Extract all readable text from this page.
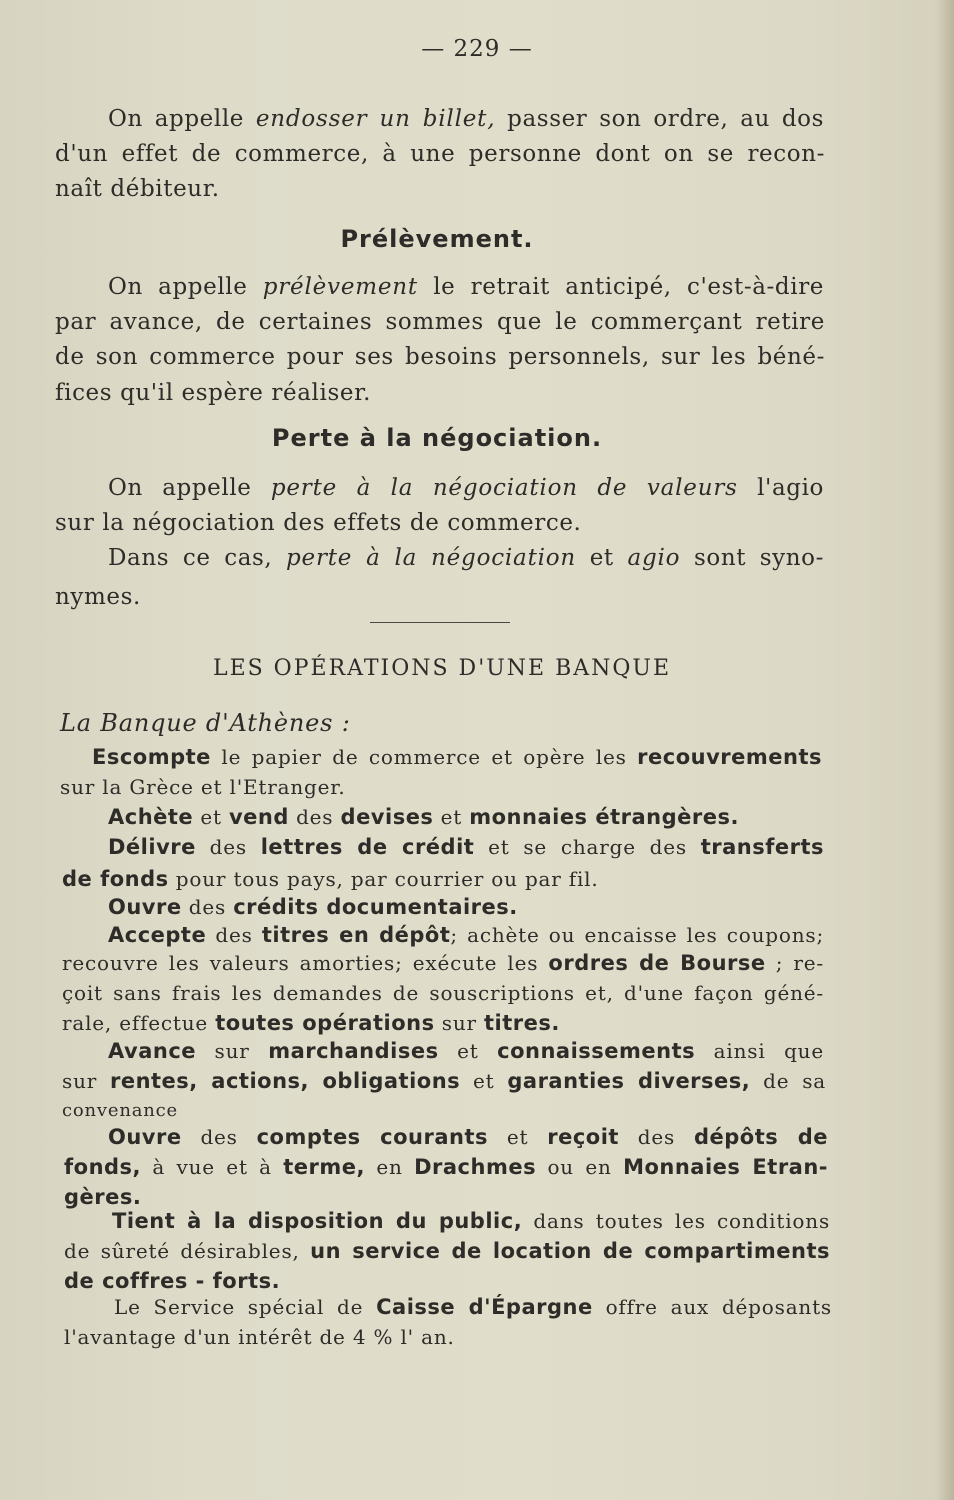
— 229 —
On appelle endosser un billet, passer son ordre, au dos
d'un effet de commerce, à une personne dont on se recon-
naît débiteur.
Prélèvement.
On appelle prélèvement le retrait anticipé, c'est-à-dire
par avance, de certaines sommes que le commerçant retire
de son commerce pour ses besoins personnels, sur les béné-
fices qu'il espère réaliser.
Perte à la négociation.
On appelle perte à la négociation de valeurs l'agio
sur la négociation des effets de commerce.
Dans ce cas, perte à la négociation et agio sont syno-
nymes.
LES OPÉRATIONS D'UNE BANQUE
La Banque d'Athènes :
Escompte le papier de commerce et opère les recouvrements
sur la Grèce et l'Etranger.
Achète et vend des devises et monnaies étrangères.
Délivre des lettres de crédit et se charge des transferts
de fonds pour tous pays, par courrier ou par fil.
Ouvre des crédits documentaires.
Accepte des titres en dépôt; achète ou encaisse les coupons;
recouvre les valeurs amorties; exécute les ordres de Bourse ; re-
çoit sans frais les demandes de souscriptions et, d'une façon géné-
rale, effectue toutes opérations sur titres.
Avance sur marchandises et connaissements ainsi que
sur rentes, actions, obligations et garanties diverses, de sa
convenance
Ouvre des comptes courants et reçoit des dépôts de
fonds, à vue et à terme, en Drachmes ou en Monnaies Etran-
gères.
Tient à la disposition du public, dans toutes les conditions
de sûreté désirables, un service de location de compartiments
de coffres - forts.
Le Service spécial de Caisse d'Épargne offre aux déposants
l'avantage d'un intérêt de 4 % l' an.
